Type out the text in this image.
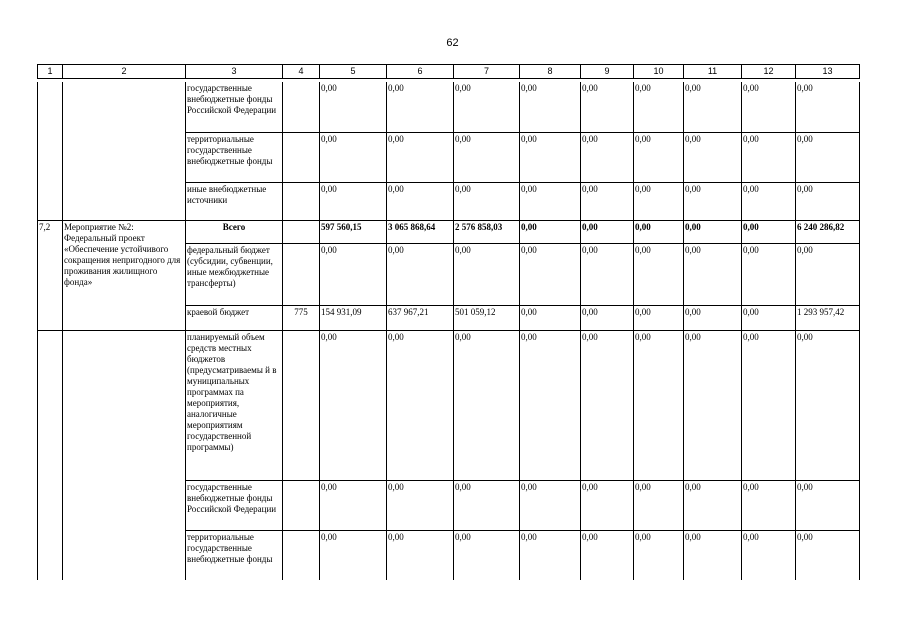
62
1	2	3	4	5	6	7	8	9	10	11	12	13
		государственные внебюджетные фонды Российской Федерации		0,00	0,00	0,00	0,00	0,00	0,00	0,00	0,00	0,00
		территориальные государственные внебюджетные фонды		0,00	0,00	0,00	0,00	0,00	0,00	0,00	0,00	0,00
		иные внебюджетные источники		0,00	0,00	0,00	0,00	0,00	0,00	0,00	0,00	0,00
7,2	Мероприятие №2: Федеральный проект «Обеспечение устойчивого сокращения непригодного для проживания жилищного фонда»	Всего		597 560,15	3 065 868,64	2 576 858,03	0,00	0,00	0,00	0,00	0,00	6 240 286,82
		федеральный бюджет (субсидии, субвенции, иные межбюджетные трансферты)		0,00	0,00	0,00	0,00	0,00	0,00	0,00	0,00	0,00
		краевой бюджет	775	154 931,09	637 967,21	501 059,12	0,00	0,00	0,00	0,00	0,00	1 293 957,42
		планируемый объем средств местных бюджетов (предусматриваемы й в муниципальных программах па мероприятия, аналогичные мероприятиям государственной программы)		0,00	0,00	0,00	0,00	0,00	0,00	0,00	0,00	0,00
		государственные внебюджетные фонды Российской Федерации		0,00	0,00	0,00	0,00	0,00	0,00	0,00	0,00	0,00
		территориальные государственные внебюджетные фонды		0,00	0,00	0,00	0,00	0,00	0,00	0,00	0,00	0,00
